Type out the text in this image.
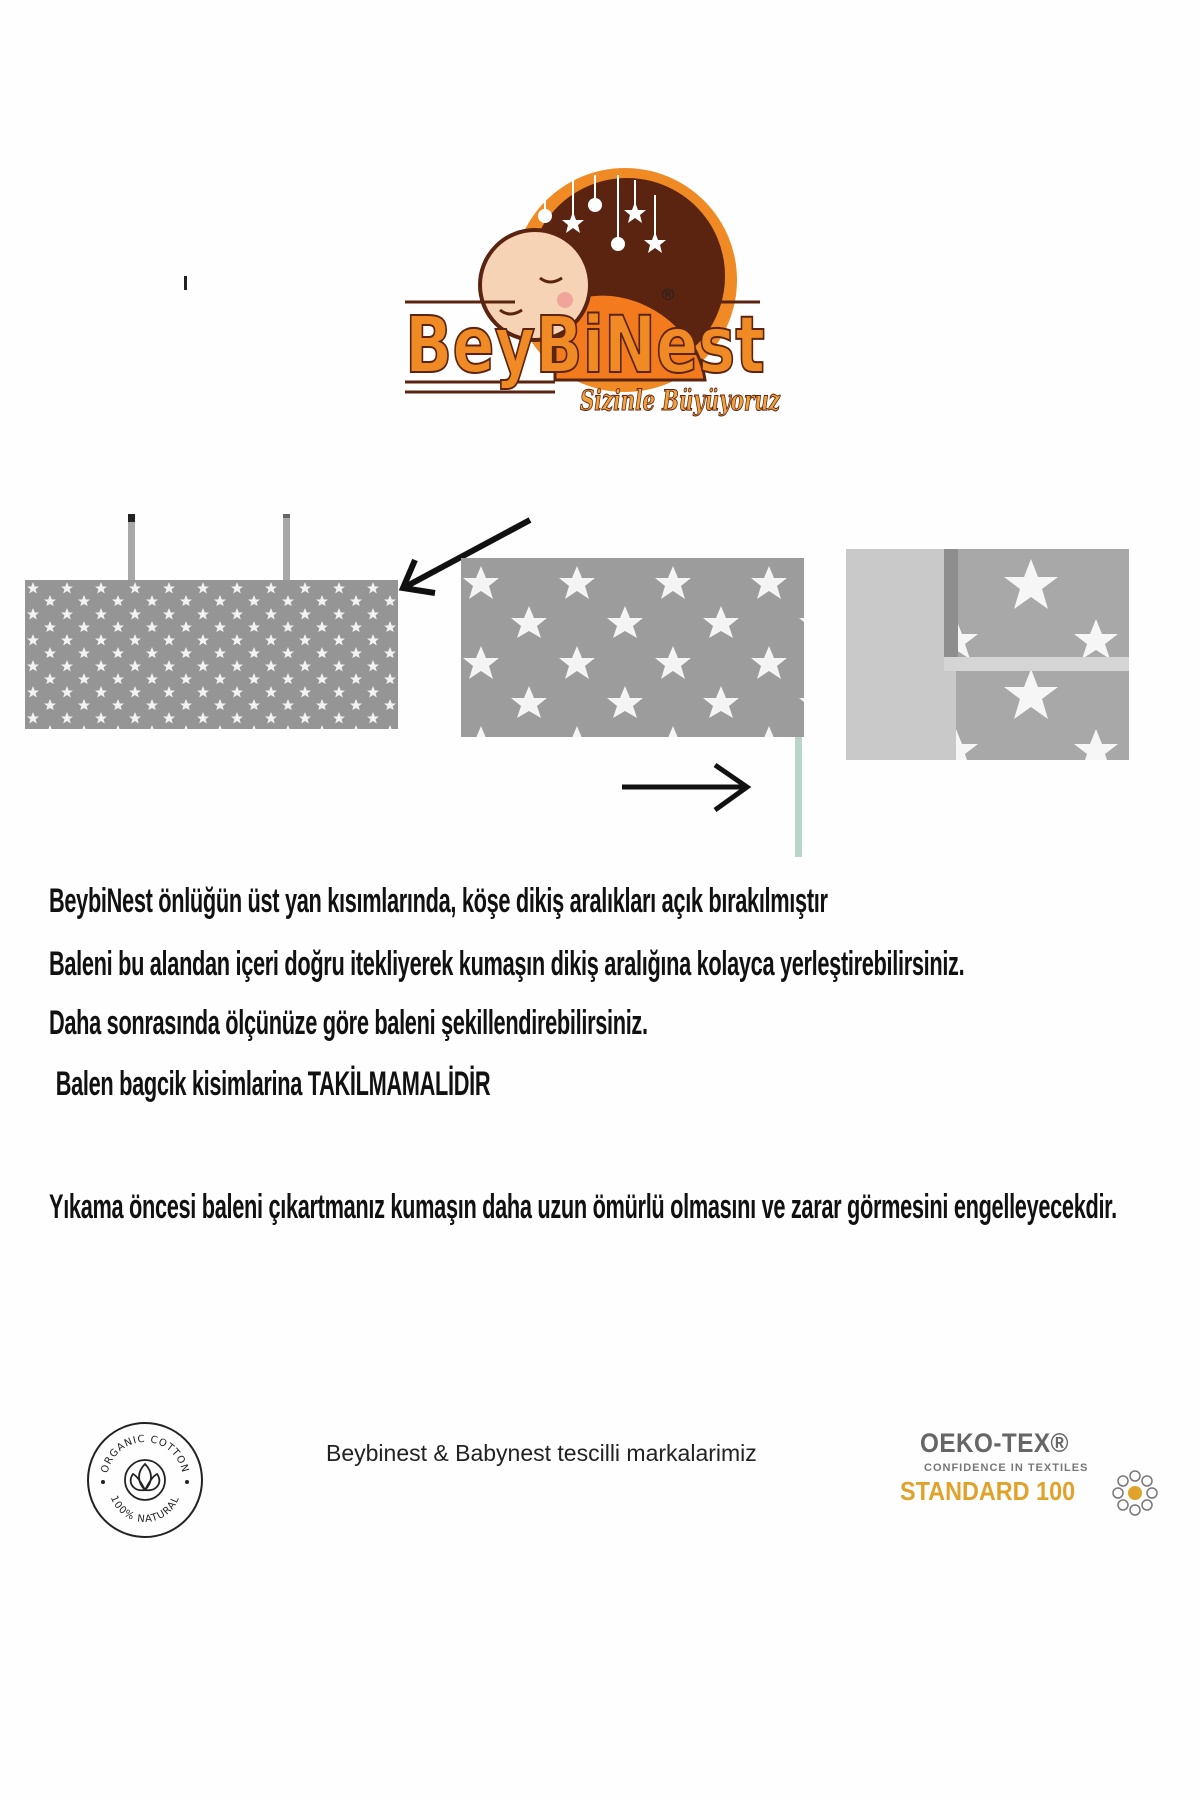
®
BeyBiNest
Sizinle Büyüyoruz
BeybiNest önlüğün üst yan kısımlarında, köşe dikiş aralıkları açık bırakılmıştır
Baleni bu alandan içeri doğru itekliyerek kumaşın dikiş aralığına kolayca yerleştirebilirsiniz.
Daha sonrasında ölçünüze göre baleni şekillendirebilirsiniz.
Balen bagcik kisimlarina TAKİLMAMALİDİR
Yıkama öncesi baleni çıkartmanız kumaşın daha uzun ömürlü olmasını ve zarar görmesini engelleyecekdir.
ORGANIC COTTON
100% NATURAL
Beybinest & Babynest tescilli markalarimiz	OEKO-TEX®
CONFIDENCE IN TEXTILES
STANDARD 100
